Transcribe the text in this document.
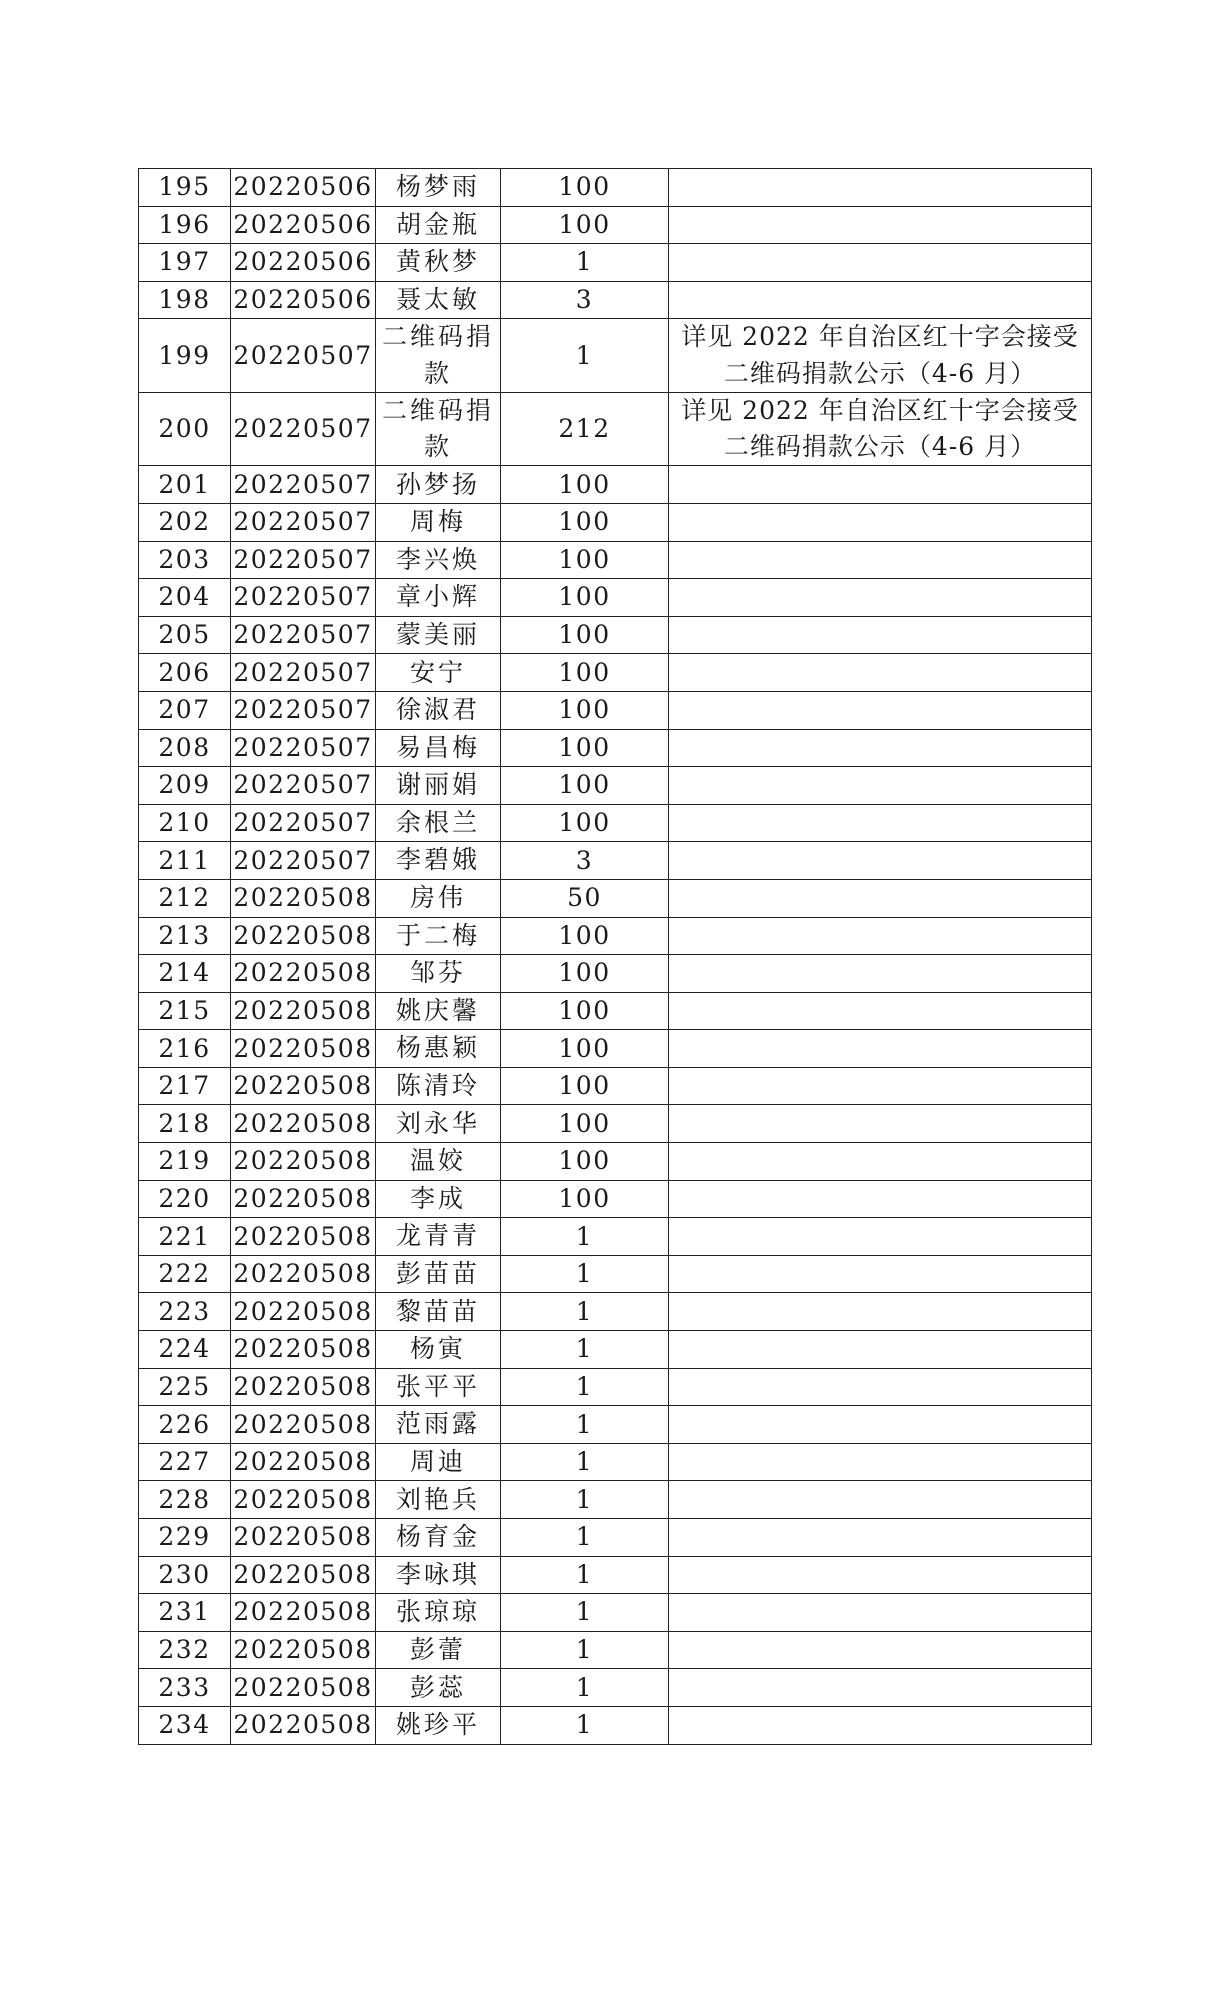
195	20220506	杨梦雨	100	
196	20220506	胡金瓶	100	
197	20220506	黄秋梦	1	
198	20220506	聂太敏	3	
199	20220507	二维码捐款	1	详见 2022 年自治区红十字会接受二维码捐款公示（4-6 月）
200	20220507	二维码捐款	212	详见 2022 年自治区红十字会接受二维码捐款公示（4-6 月）
201	20220507	孙梦扬	100	
202	20220507	周梅	100	
203	20220507	李兴焕	100	
204	20220507	章小辉	100	
205	20220507	蒙美丽	100	
206	20220507	安宁	100	
207	20220507	徐淑君	100	
208	20220507	易昌梅	100	
209	20220507	谢丽娟	100	
210	20220507	余根兰	100	
211	20220507	李碧娥	3	
212	20220508	房伟	50	
213	20220508	于二梅	100	
214	20220508	邹芬	100	
215	20220508	姚庆馨	100	
216	20220508	杨惠颖	100	
217	20220508	陈清玲	100	
218	20220508	刘永华	100	
219	20220508	温姣	100	
220	20220508	李成	100	
221	20220508	龙青青	1	
222	20220508	彭苗苗	1	
223	20220508	黎苗苗	1	
224	20220508	杨寅	1	
225	20220508	张平平	1	
226	20220508	范雨露	1	
227	20220508	周迪	1	
228	20220508	刘艳兵	1	
229	20220508	杨育金	1	
230	20220508	李咏琪	1	
231	20220508	张琼琼	1	
232	20220508	彭蕾	1	
233	20220508	彭蕊	1	
234	20220508	姚珍平	1	
